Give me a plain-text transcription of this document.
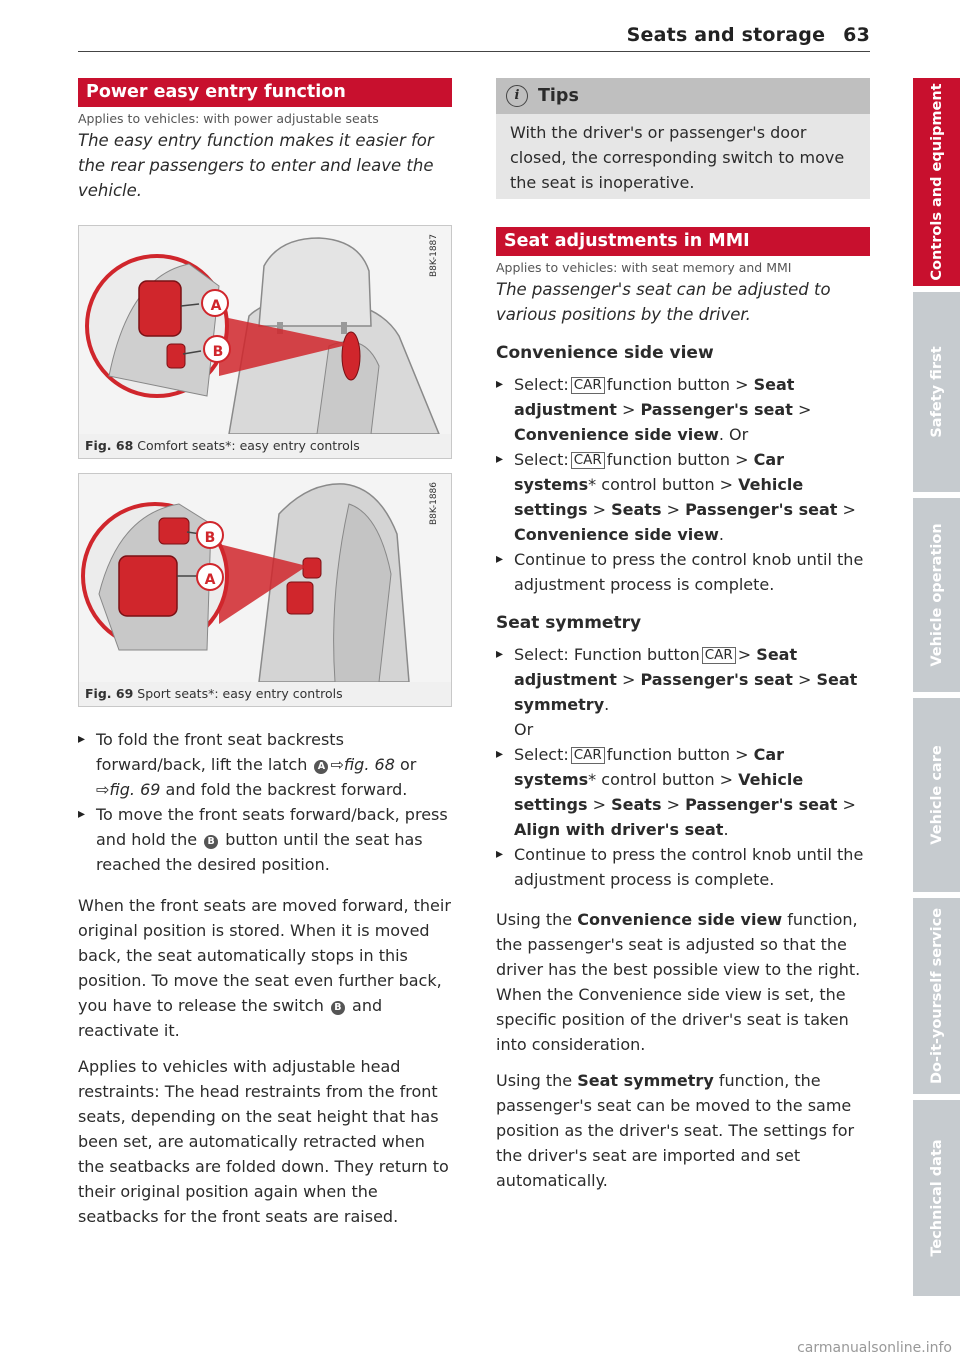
Seats and storage 63
Power easy entry function
Applies to vehicles: with power adjustable seats

The easy entry function makes it easier for the rear passengers to enter and leave the vehicle.

A
B
B8K-1887
Fig. 68 Comfort seats*: easy entry controls
B
A
B8K-1886
Fig. 69 Sport seats*: easy entry controls

▸ To fold the front seat backrests forward/back, lift the latch A ⇨fig. 68 or ⇨fig. 69 and fold the backrest forward.

▸ To move the front seats forward/back, press and hold the B button until the seat has reached the desired position.

When the front seats are moved forward, their original position is stored. When it is moved back, the seat automatically stops in this position. To move the seat even further back, you have to release the switch B and reactivate it.

Applies to vehicles with adjustable head restraints: The head restraints from the front seats, depending on the seat height that has been set, are automatically retracted when the seatbacks are folded down. They return to their original position again when the seatbacks for the front seats are raised.

i	Tips
With the driver's or passenger's door closed, the corresponding switch to move the seat is inoperative.
Seat adjustments in MMI
Applies to vehicles: with seat memory and MMI

The passenger's seat can be adjusted to various positions by the driver.

Convenience side view

▸ Select: CAR function button > Seat adjustment > Passenger's seat > Convenience side view. Or

▸ Select: CAR function button > Car systems* control button > Vehicle settings > Seats > Passenger's seat > Convenience side view.

▸ Continue to press the control knob until the adjustment process is complete.

Seat symmetry

▸ Select: Function button CAR > Seat adjustment > Passenger's seat > Seat symmetry.
Or

▸ Select: CAR function button > Car systems* control button > Vehicle settings > Seats > Passenger's seat > Align with driver's seat.

▸ Continue to press the control knob until the adjustment process is complete.

Using the Convenience side view function, the passenger's seat is adjusted so that the driver has the best possible view to the right. When the Convenience side view is set, the specific position of the driver's seat is taken into consideration.

Using the Seat symmetry function, the passenger's seat can be moved to the same position as the driver's seat. The settings for the driver's seat are imported and set automatically.

Controls and equipment
Safety first
Vehicle operation
Vehicle care
Do-it-yourself service
Technical data
carmanualsonline.info
